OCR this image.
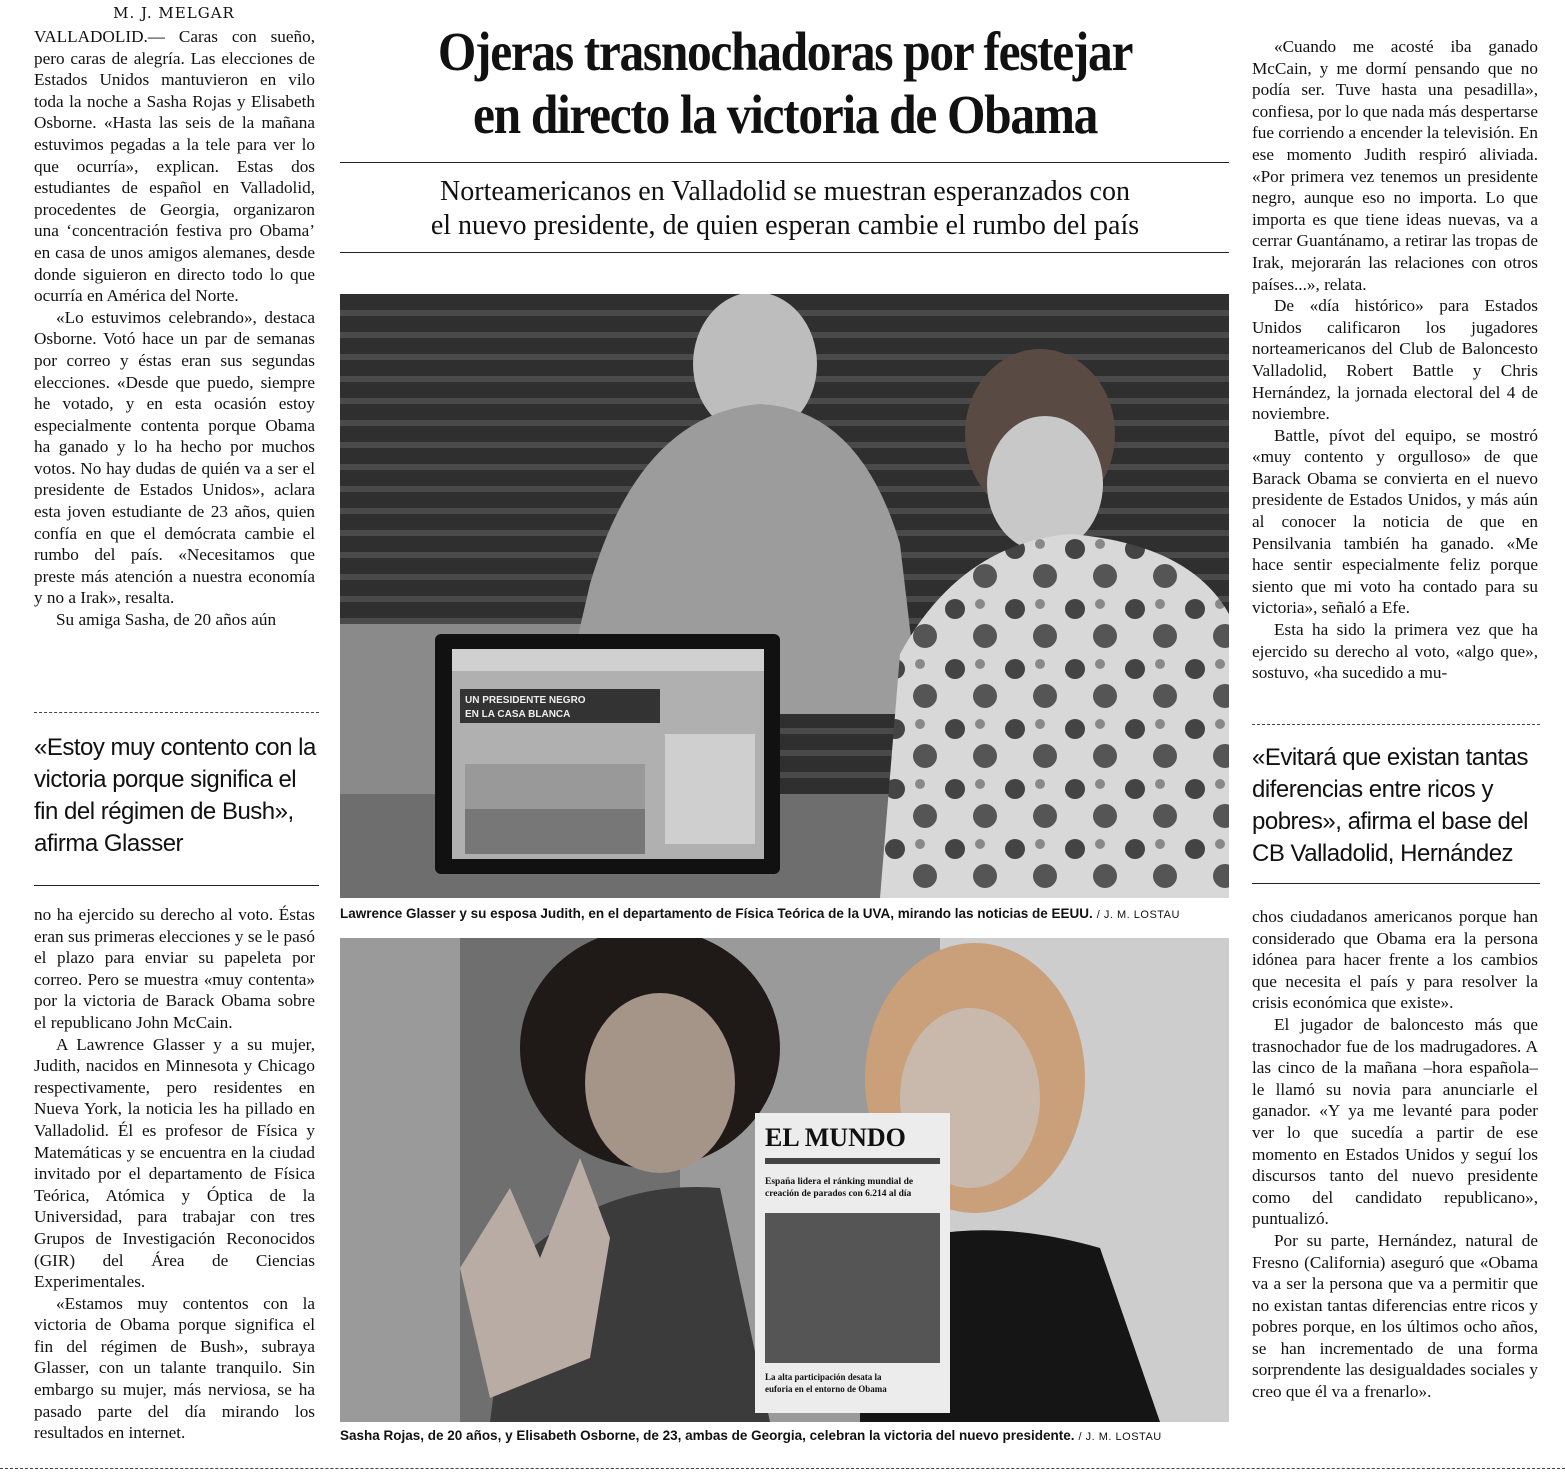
M. J. MELGAR

VALLADOLID.— Caras con sueño, pero caras de alegría. Las elecciones de Estados Unidos mantuvieron en vilo toda la noche a Sasha Rojas y Elisabeth Osborne. «Hasta las seis de la mañana estuvimos pegadas a la tele para ver lo que ocurría», explican. Estas dos estudiantes de español en Valladolid, procedentes de Georgia, organizaron una ‘concentración festiva pro Obama’ en casa de unos amigos alemanes, desde donde siguieron en directo todo lo que ocurría en América del Norte.

«Lo estuvimos celebrando», destaca Osborne. Votó hace un par de semanas por correo y éstas eran sus segundas elecciones. «Desde que puedo, siempre he votado, y en esta ocasión estoy especialmente contenta porque Obama ha ganado y lo ha hecho por muchos votos. No hay dudas de quién va a ser el presidente de Estados Unidos», aclara esta joven estudiante de 23 años, quien confía en que el demócrata cambie el rumbo del país. «Necesitamos que preste más atención a nuestra economía y no a Irak», resalta.

Su amiga Sasha, de 20 años aún

«Estoy muy contento con la victoria porque significa el fin del régimen de Bush», afirma Glasser

no ha ejercido su derecho al voto. Éstas eran sus primeras elecciones y se le pasó el plazo para enviar su papeleta por correo. Pero se muestra «muy contenta» por la victoria de Barack Obama sobre el republicano John McCain.

A Lawrence Glasser y a su mujer, Judith, nacidos en Minnesota y Chicago respectivamente, pero residentes en Nueva York, la noticia les ha pillado en Valladolid. Él es profesor de Física y Matemáticas y se encuentra en la ciudad invitado por el departamento de Física Teórica, Atómica y Óptica de la Universidad, para trabajar con tres Grupos de Investigación Reconocidos (GIR) del Área de Ciencias Experimentales.

«Estamos muy contentos con la victoria de Obama porque significa el fin del régimen de Bush», subraya Glasser, con un talante tranquilo. Sin embargo su mujer, más nerviosa, se ha pasado parte del día mirando los resultados en internet.

Ojeras trasnochadoras por festejar
en directo la victoria de Obama
Norteamericanos en Valladolid se muestran esperanzados con
el nuevo presidente, de quien esperan cambie el rumbo del país
UN PRESIDENTE NEGRO
EN LA CASA BLANCA
Lawrence Glasser y su esposa Judith, en el departamento de Física Teórica de la UVA, mirando las noticias de EEUU. / J. M. LOSTAU
EL MUNDO
España lidera el ránking mundial de
creación de parados con 6.214 al día
La alta participación desata la
euforia en el entorno de Obama
Sasha Rojas, de 20 años, y Elisabeth Osborne, de 23, ambas de Georgia, celebran la victoria del nuevo presidente. / J. M. LOSTAU

«Cuando me acosté iba ganado McCain, y me dormí pensando que no podía ser. Tuve hasta una pesadilla», confiesa, por lo que nada más despertarse fue corriendo a encender la televisión. En ese momento Judith respiró aliviada. «Por primera vez tenemos un presidente negro, aunque eso no importa. Lo que importa es que tiene ideas nuevas, va a cerrar Guantánamo, a retirar las tropas de Irak, mejorarán las relaciones con otros países...», relata.

De «día histórico» para Estados Unidos calificaron los jugadores norteamericanos del Club de Baloncesto Valladolid, Robert Battle y Chris Hernández, la jornada electoral del 4 de noviembre.

Battle, pívot del equipo, se mostró «muy contento y orgulloso» de que Barack Obama se convierta en el nuevo presidente de Estados Unidos, y más aún al conocer la noticia de que en Pensilvania también ha ganado. «Me hace sentir especialmente feliz porque siento que mi voto ha contado para su victoria», señaló a Efe.

Esta ha sido la primera vez que ha ejercido su derecho al voto, «algo que», sostuvo, «ha sucedido a mu-

«Evitará que existan tantas diferencias entre ricos y pobres», afirma el base del CB Valladolid, Hernández

chos ciudadanos americanos porque han considerado que Obama era la persona idónea para hacer frente a los cambios que necesita el país y para resolver la crisis económica que existe».

El jugador de baloncesto más que trasnochador fue de los madrugadores. A las cinco de la mañana –hora española– le llamó su novia para anunciarle el ganador. «Y ya me levanté para poder ver lo que sucedía a partir de ese momento en Estados Unidos y seguí los discursos tanto del nuevo presidente como del candidato republicano», puntualizó.

Por su parte, Hernández, natural de Fresno (California) aseguró que «Obama va a ser la persona que va a permitir que no existan tantas diferencias entre ricos y pobres porque, en los últimos ocho años, se han incrementado de una forma sorprendente las desigualdades sociales y creo que él va a frenarlo».
